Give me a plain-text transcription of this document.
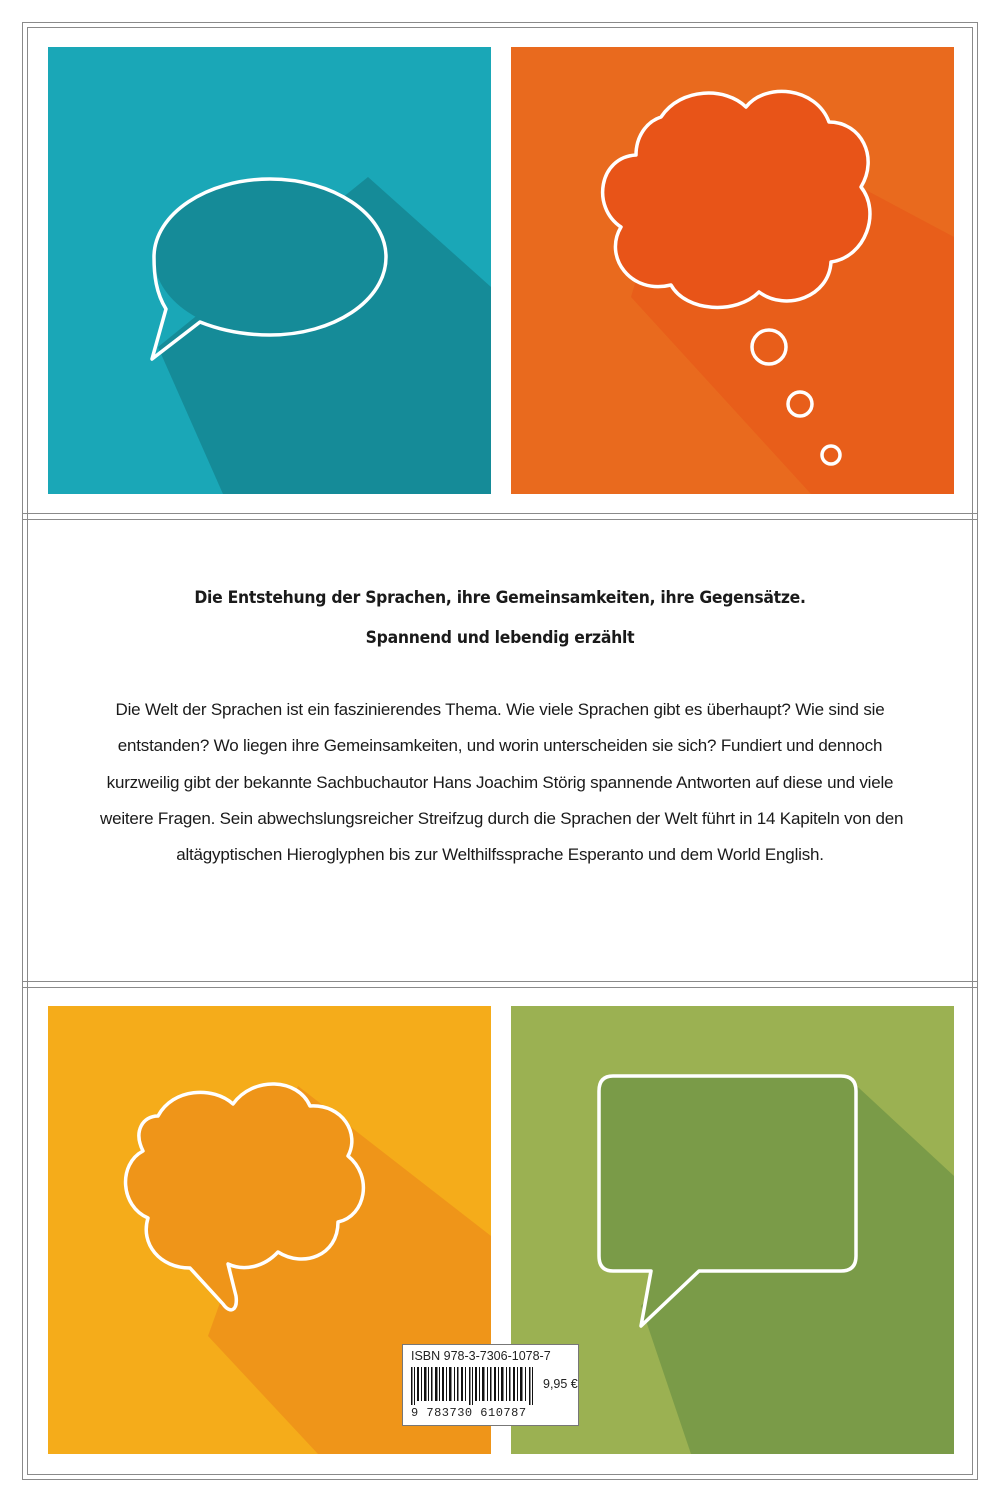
Die Entstehung der Sprachen, ihre Gemeinsamkeiten, ihre Gegensätze.

Spannend und lebendig erzählt

Die Welt der Sprachen ist ein faszinierendes Thema. Wie viele Sprachen gibt es überhaupt? Wie sind sie
entstanden? Wo liegen ihre Gemeinsamkeiten, und worin unterscheiden sie sich? Fundiert und dennoch
kurzweilig gibt der bekannte Sachbuchautor Hans Joachim Störig spannende Antworten auf diese und viele
weitere Fragen. Sein abwechslungsreicher Streifzug durch die Sprachen der Welt führt in 14 Kapiteln von den
altägyptischen Hieroglyphen bis zur Welthilfssprache Esperanto und dem World English.
ISBN 978-3-7306-1078-7
9 783730 610787
9,95 €
